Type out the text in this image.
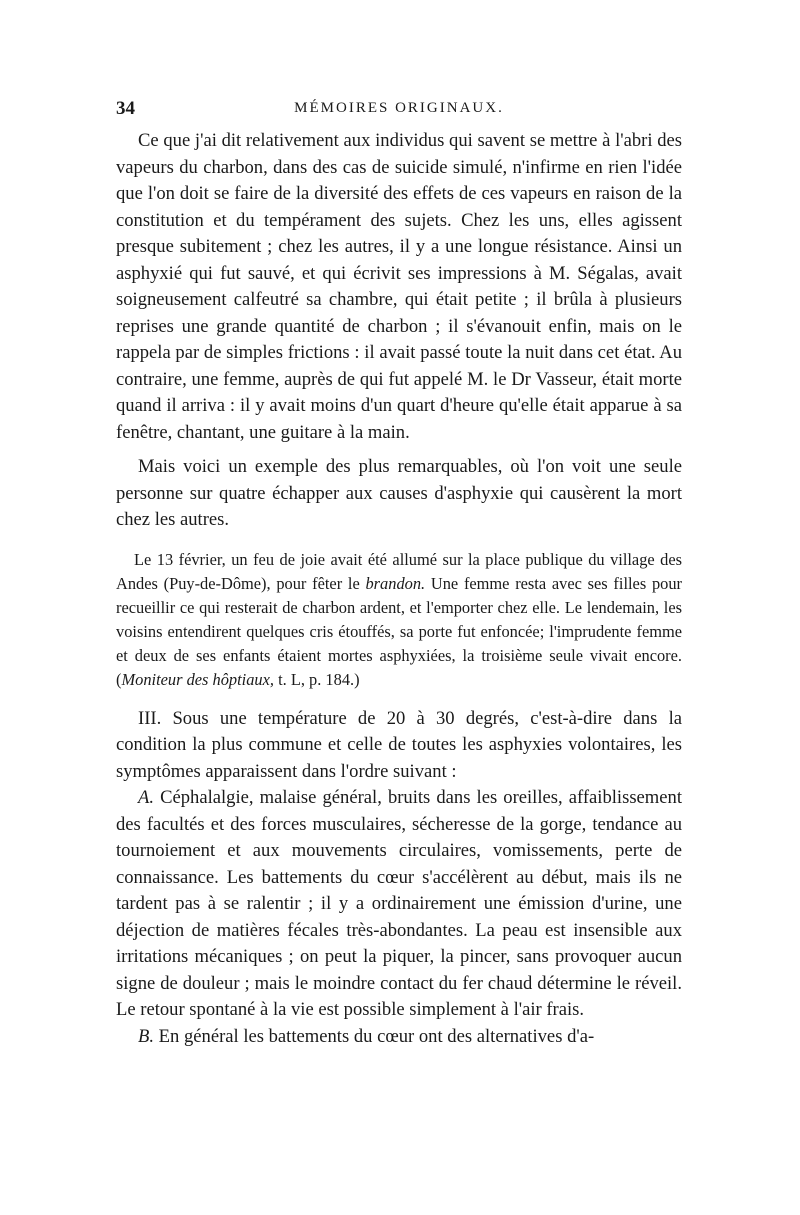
34	MÉMOIRES ORIGINAUX.

Ce que j'ai dit relativement aux individus qui savent se mettre à l'abri des vapeurs du charbon, dans des cas de suicide simulé, n'infirme en rien l'idée que l'on doit se faire de la diversité des effets de ces vapeurs en raison de la constitution et du tempérament des sujets. Chez les uns, elles agissent presque subitement ; chez les autres, il y a une longue résistance. Ainsi un asphyxié qui fut sauvé, et qui écrivit ses impressions à M. Ségalas, avait soigneusement calfeutré sa chambre, qui était petite ; il brûla à plusieurs reprises une grande quantité de charbon ; il s'évanouit enfin, mais on le rappela par de simples frictions : il avait passé toute la nuit dans cet état. Au contraire, une femme, auprès de qui fut appelé M. le Dr Vasseur, était morte quand il arriva : il y avait moins d'un quart d'heure qu'elle était apparue à sa fenêtre, chantant, une guitare à la main.

Mais voici un exemple des plus remarquables, où l'on voit une seule personne sur quatre échapper aux causes d'asphyxie qui causèrent la mort chez les autres.

Le 13 février, un feu de joie avait été allumé sur la place publique du village des Andes (Puy-de-Dôme), pour fêter le brandon. Une femme resta avec ses filles pour recueillir ce qui resterait de charbon ardent, et l'emporter chez elle. Le lendemain, les voisins entendirent quelques cris étouffés, sa porte fut enfoncée; l'imprudente femme et deux de ses enfants étaient mortes asphyxiées, la troisième seule vivait encore. (Moniteur des hôptiaux, t. L, p. 184.)

III. Sous une température de 20 à 30 degrés, c'est-à-dire dans la condition la plus commune et celle de toutes les asphyxies volontaires, les symptômes apparaissent dans l'ordre suivant :

A. Céphalalgie, malaise général, bruits dans les oreilles, affaiblissement des facultés et des forces musculaires, sécheresse de la gorge, tendance au tournoiement et aux mouvements circulaires, vomissements, perte de connaissance. Les battements du cœur s'accélèrent au début, mais ils ne tardent pas à se ralentir ; il y a ordinairement une émission d'urine, une déjection de matières fécales très-abondantes. La peau est insensible aux irritations mécaniques ; on peut la piquer, la pincer, sans provoquer aucun signe de douleur ; mais le moindre contact du fer chaud détermine le réveil. Le retour spontané à la vie est possible simplement à l'air frais.

B. En général les battements du cœur ont des alternatives d'a-
